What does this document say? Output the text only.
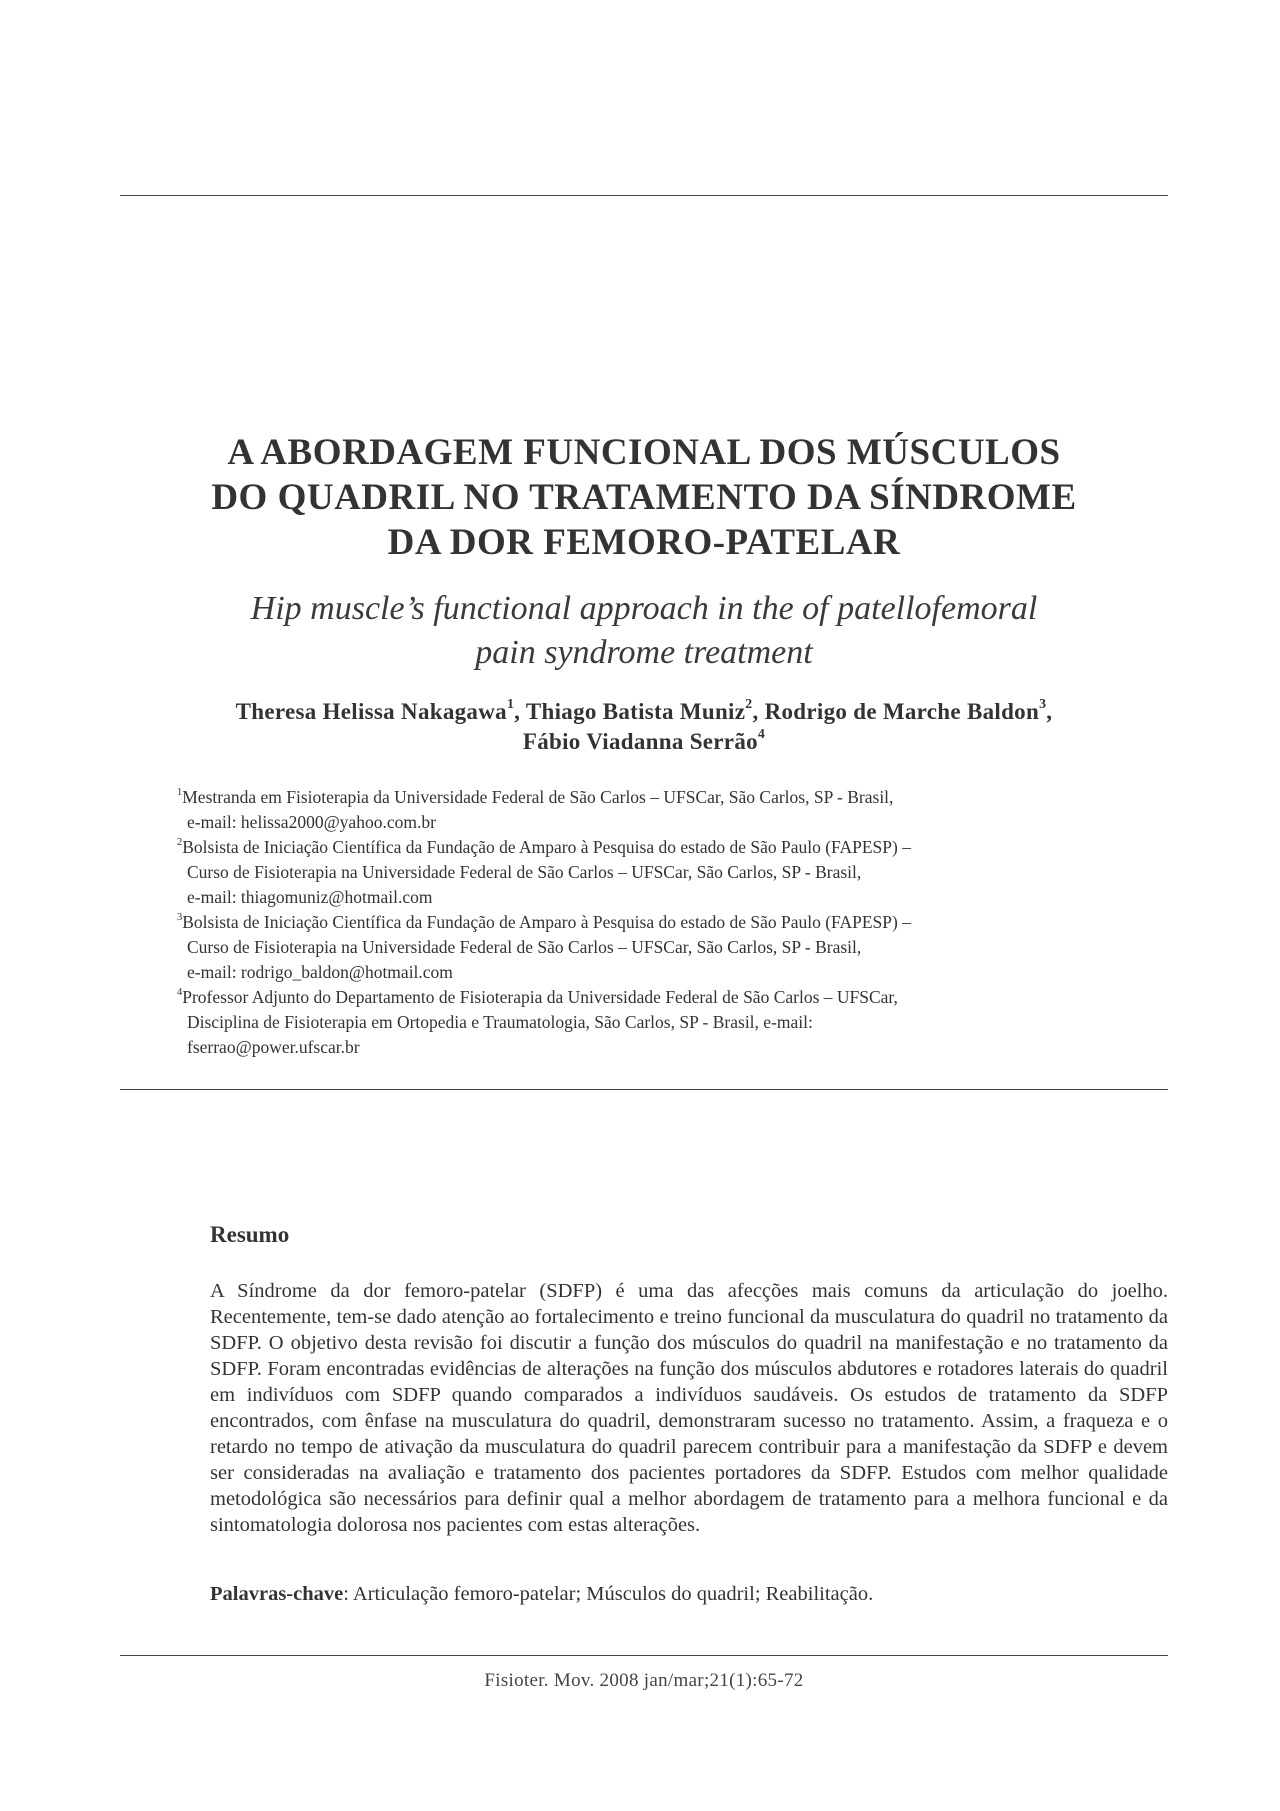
A ABORDAGEM FUNCIONAL DOS MÚSCULOS
DO QUADRIL NO TRATAMENTO DA SÍNDROME
DA DOR FEMORO-PATELAR
Hip muscle’s functional approach in the of patellofemoral
pain syndrome treatment
Theresa Helissa Nakagawa$^1$, Thiago Batista Muniz$^2$, Rodrigo de Marche Baldon$^3$,
Fábio Viadanna Serrão$^4$

$^1$Mestranda em Fisioterapia da Universidade Federal de São Carlos – UFSCar, São Carlos, SP - Brasil,

e-mail: helissa2000@yahoo.com.br

$^2$Bolsista de Iniciação Científica da Fundação de Amparo à Pesquisa do estado de São Paulo (FAPESP) –

Curso de Fisioterapia na Universidade Federal de São Carlos – UFSCar, São Carlos, SP - Brasil,

e-mail: thiagomuniz@hotmail.com

$^3$Bolsista de Iniciação Científica da Fundação de Amparo à Pesquisa do estado de São Paulo (FAPESP) –

Curso de Fisioterapia na Universidade Federal de São Carlos – UFSCar, São Carlos, SP - Brasil,

e-mail: rodrigo_baldon@hotmail.com

$^4$Professor Adjunto do Departamento de Fisioterapia da Universidade Federal de São Carlos – UFSCar,

Disciplina de Fisioterapia em Ortopedia e Traumatologia, São Carlos, SP - Brasil, e-mail:

fserrao@power.ufscar.br

Resumo

A Síndrome da dor femoro-patelar (SDFP) é uma das afecções mais comuns da articulação do joelho. Recentemente, tem-se dado atenção ao fortalecimento e treino funcional da musculatura do quadril no tratamento da SDFP. O objetivo desta revisão foi discutir a função dos músculos do quadril na manifestação e no tratamento da SDFP. Foram encontradas evidências de alterações na função dos músculos abdutores e rotadores laterais do quadril em indivíduos com SDFP quando comparados a indivíduos saudáveis. Os estudos de tratamento da SDFP encontrados, com ênfase na musculatura do quadril, demonstraram sucesso no tratamento. Assim, a fraqueza e o retardo no tempo de ativação da musculatura do quadril parecem contribuir para a manifestação da SDFP e devem ser consideradas na avaliação e tratamento dos pacientes portadores da SDFP. Estudos com melhor qualidade metodológica são necessários para definir qual a melhor abordagem de tratamento para a melhora funcional e da sintomatologia dolorosa nos pacientes com estas alterações.

Palavras-chave: Articulação femoro-patelar; Músculos do quadril; Reabilitação.
Fisioter. Mov. 2008 jan/mar;21(1):65-72
